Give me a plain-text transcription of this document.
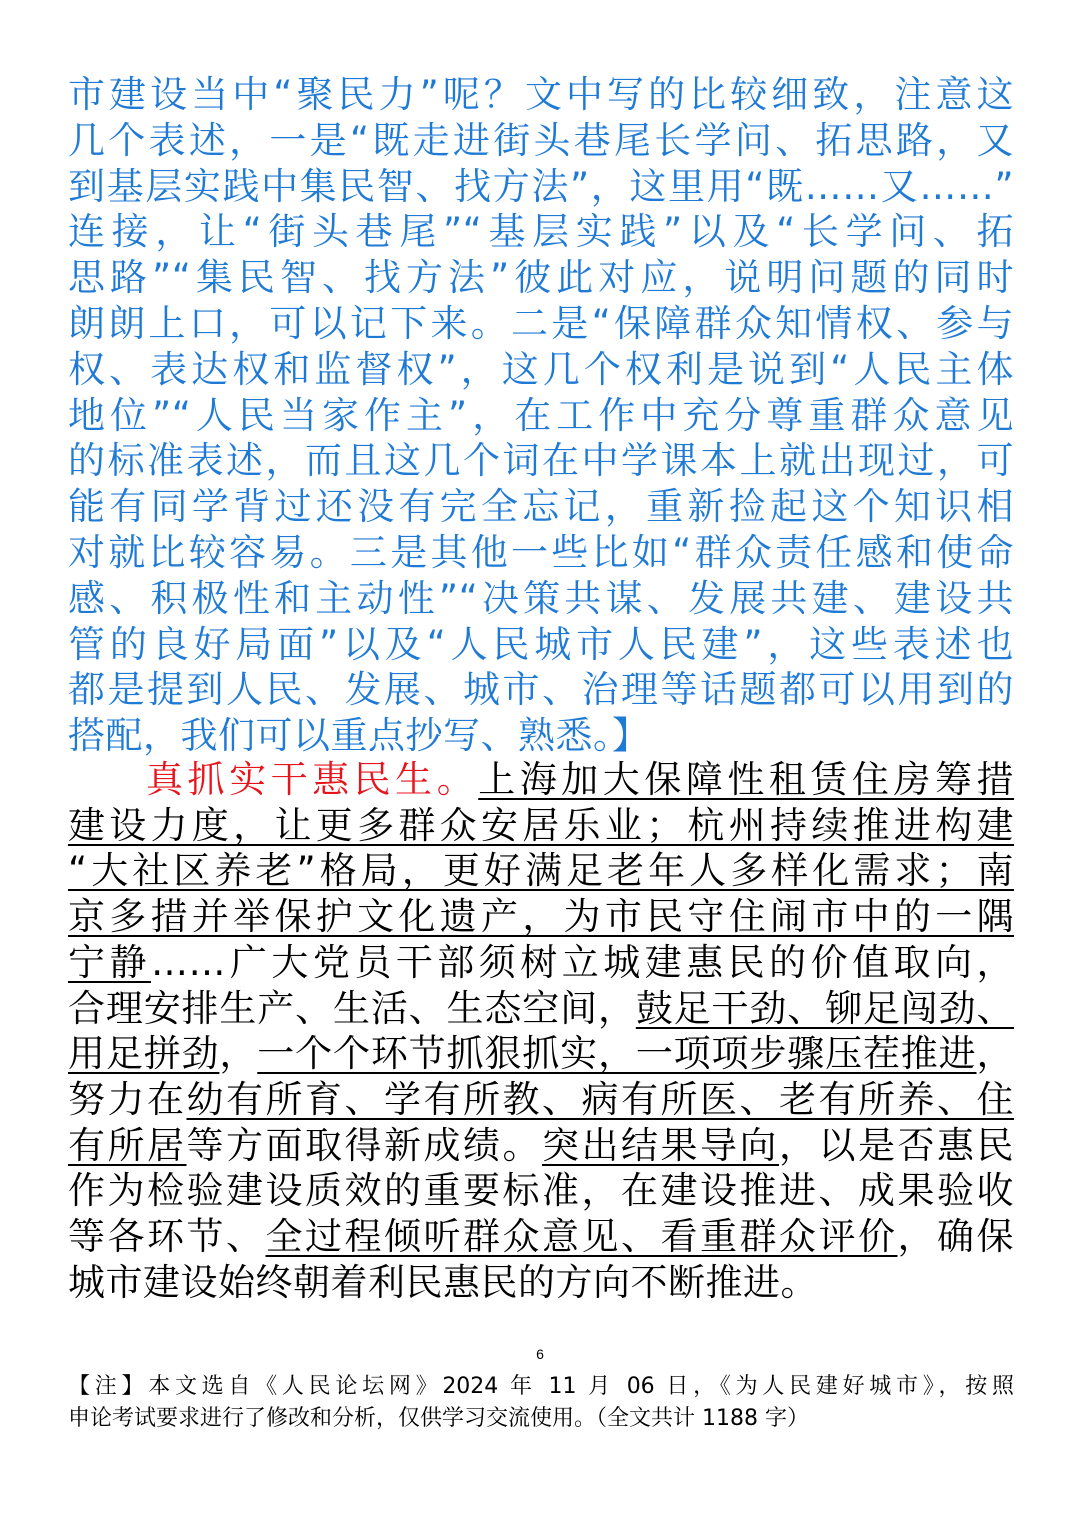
市建设当中“聚民力”呢？文中写的比较细致，注意这
几个表述，一是“既走进街头巷尾长学问、拓思路，又
到基层实践中集民智、找方法”，这里用“既……又……”
连接，让“街头巷尾”“基层实践”以及“长学问、拓
思路”“集民智、找方法”彼此对应，说明问题的同时
朗朗上口，可以记下来。二是“保障群众知情权、参与
权、表达权和监督权”，这几个权利是说到“人民主体
地位”“人民当家作主”，在工作中充分尊重群众意见
的标准表述，而且这几个词在中学课本上就出现过，可
能有同学背过还没有完全忘记，重新捡起这个知识相
对就比较容易。三是其他一些比如“群众责任感和使命
感、积极性和主动性”“决策共谋、发展共建、建设共
管的良好局面”以及“人民城市人民建”，这些表述也
都是提到人民、发展、城市、治理等话题都可以用到的
搭配，我们可以重点抄写、熟悉。】
真抓实干惠民生。上海加大保障性租赁住房筹措
建设力度，让更多群众安居乐业；杭州持续推进构建
“大社区养老”格局，更好满足老年人多样化需求；南
京多措并举保护文化遗产，为市民守住闹市中的一隅
宁静……广大党员干部须树立城建惠民的价值取向，
合理安排生产、生活、生态空间，鼓足干劲、铆足闯劲、
用足拼劲，一个个环节抓狠抓实，一项项步骤压茬推进，
努力在幼有所育、学有所教、病有所医、老有所养、住
有所居等方面取得新成绩。突出结果导向，以是否惠民
作为检验建设质效的重要标准，在建设推进、成果验收
等各环节、全过程倾听群众意见、看重群众评价，确保
城市建设始终朝着利民惠民的方向不断推进。
6
【注】本文选自《人民论坛网》2024 年 11 月 06 日，《为人民建好城市》，按照
申论考试要求进行了修改和分析，仅供学习交流使用。（全文共计 1188 字）
